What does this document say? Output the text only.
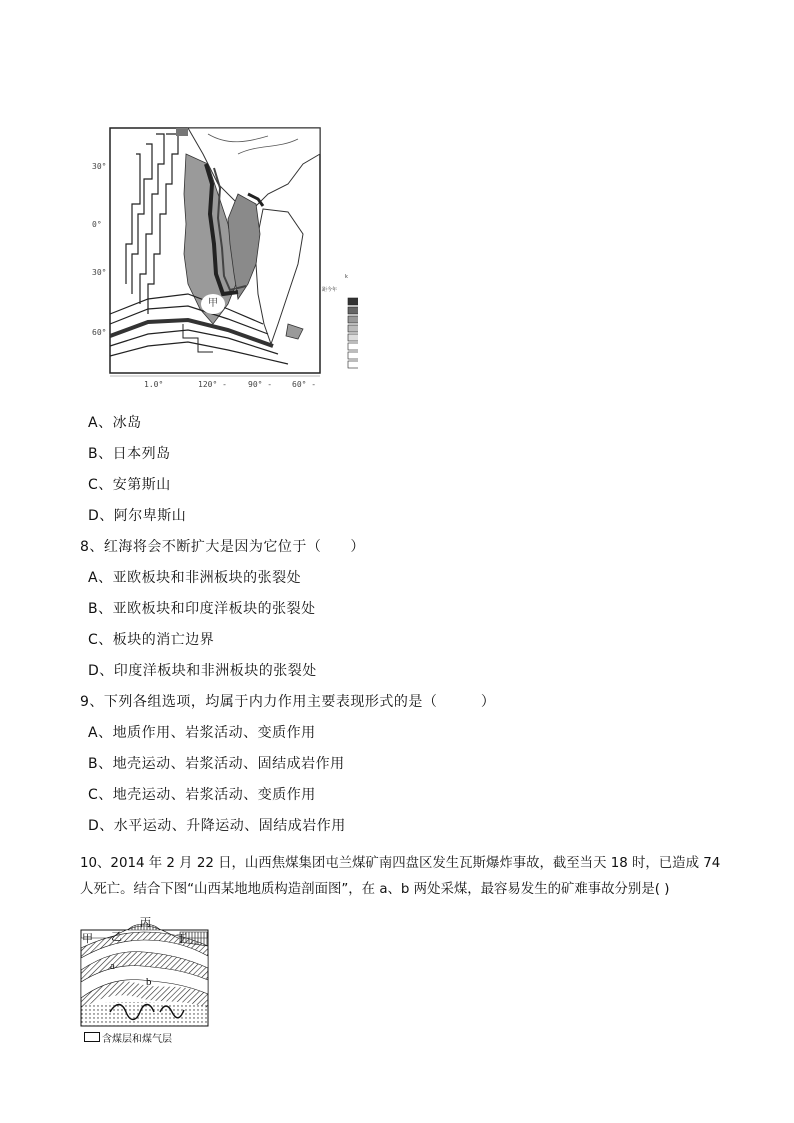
30°
0°
30°
60°
1.0°	120° -	90° - 60° -
甲
距今年
k
A、冰岛
B、日本列岛
C、安第斯山
D、阿尔卑斯山
8、红海将会不断扩大是因为它位于（　　）
A、亚欧板块和非洲板块的张裂处
B、亚欧板块和印度洋板块的张裂处
C、板块的消亡边界
D、印度洋板块和非洲板块的张裂处
9、下列各组选项，均属于内力作用主要表现形式的是（　　　）
A、地质作用、岩浆活动、变质作用
B、地壳运动、岩浆活动、固结成岩作用
C、地壳运动、岩浆活动、变质作用
D、水平运动、升降运动、固结成岩作用
10、2014 年 2 月 22 日，山西焦煤集团屯兰煤矿南四盘区发生瓦斯爆炸事故，截至当天 18 时，已造成 74
人死亡。结合下图“山西某地地质构造剖面图”，在 a、b 两处采煤，最容易发生的矿难事故分别是( )
甲 乙
丙
丁
a
b
含煤层和煤气层
